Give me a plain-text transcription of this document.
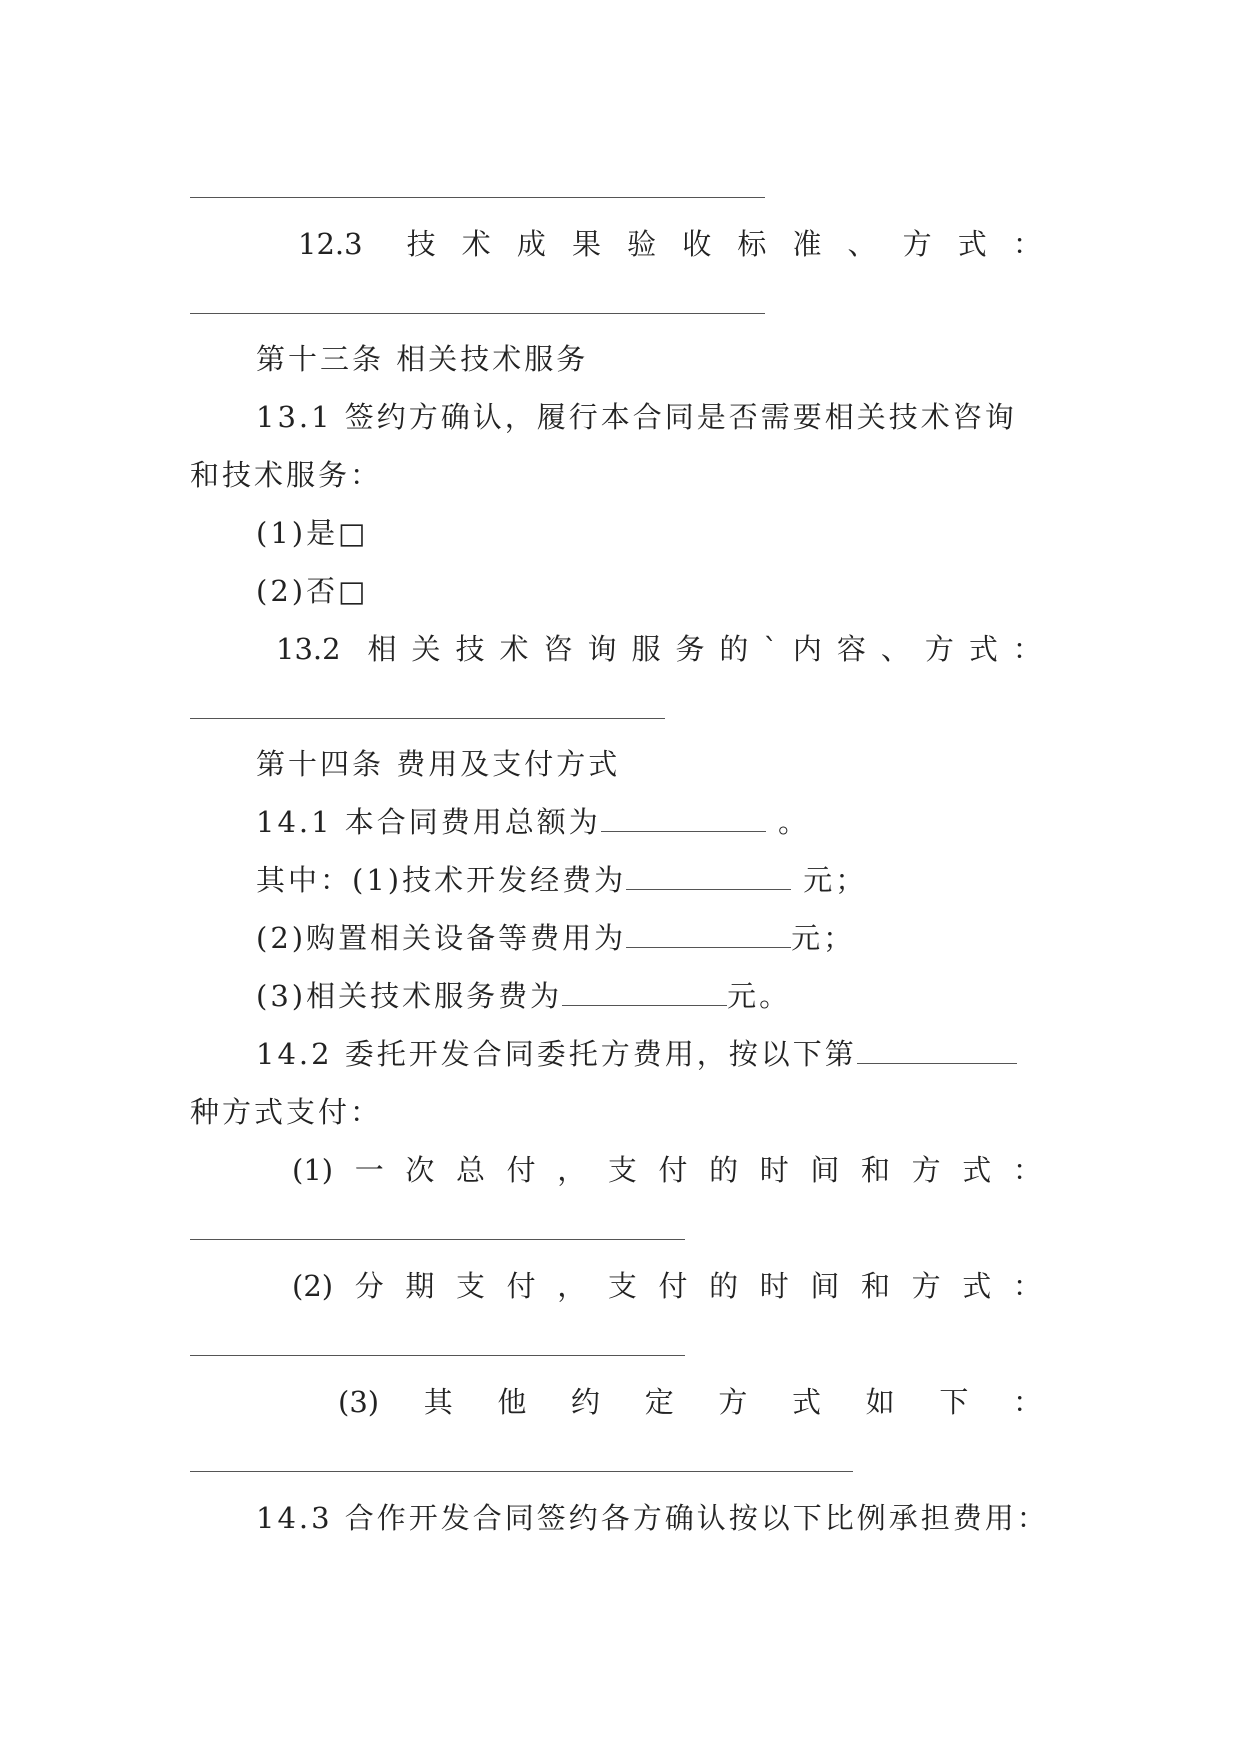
12.3 技 术 成 果 验 收 标 准 、 方 式 ：
第十三条 相关技术服务
13.1 签约方确认，履行本合同是否需要相关技术咨询
和技术服务：
(1)是□
(2)否□
13.2 相 关 技 术 咨 询 服 务 的 ` 内 容 、 方 式 ：
第十四条 费用及支付方式
14.1 本合同费用总额为	。
其中：(1)技术开发经费为	元；
(2)购置相关设备等费用为	元；
(3)相关技术服务费为	元。
14.2 委托开发合同委托方费用，按以下第
种方式支付：
(1) 一 次 总 付 ， 支 付 的 时 间 和 方 式 ：
(2) 分 期 支 付 ， 支 付 的 时 间 和 方 式 ：
(3) 其 他 约 定 方 式 如 下 ：
14.3 合作开发合同签约各方确认按以下比例承担费用：
